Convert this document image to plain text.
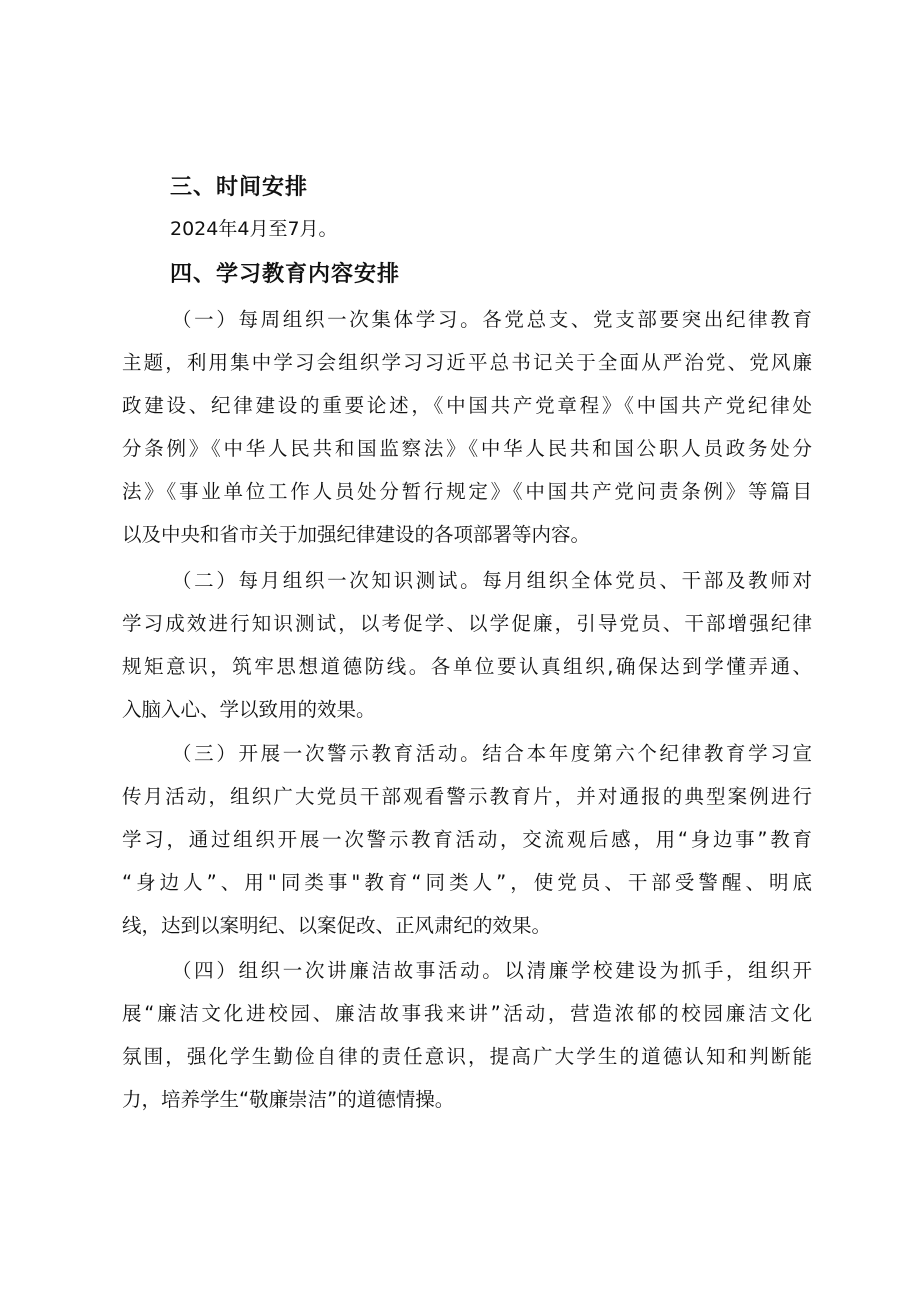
三、时间安排
2024年4月至7月。
四、学习教育内容安排
（一）每周组织一次集体学习。各党总支、党支部要突出纪律教育
主题，利用集中学习会组织学习习近平总书记关于全面从严治党、党风廉
政建设、纪律建设的重要论述，《中国共产党章程》《中国共产党纪律处
分条例》《中华人民共和国监察法》《中华人民共和国公职人员政务处分
法》《事业单位工作人员处分暂行规定》《中国共产党问责条例》等篇目
以及中央和省市关于加强纪律建设的各项部署等内容。
（二）每月组织一次知识测试。每月组织全体党员、干部及教师对
学习成效进行知识测试，以考促学、以学促廉，引导党员、干部增强纪律
规矩意识，筑牢思想道德防线。各单位要认真组织,确保达到学懂弄通、
入脑入心、学以致用的效果。
（三）开展一次警示教育活动。结合本年度第六个纪律教育学习宣
传月活动，组织广大党员干部观看警示教育片，并对通报的典型案例进行
学习，通过组织开展一次警示教育活动，交流观后感，用“身边事”教育
“身边人”、用"同类事"教育“同类人”，使党员、干部受警醒、明底
线，达到以案明纪、以案促改、正风肃纪的效果。
（四）组织一次讲廉洁故事活动。以清廉学校建设为抓手，组织开
展“廉洁文化进校园、廉洁故事我来讲”活动，营造浓郁的校园廉洁文化
氛围，强化学生勤俭自律的责任意识，提高广大学生的道德认知和判断能
力，培养学生“敬廉崇洁”的道德情操。
